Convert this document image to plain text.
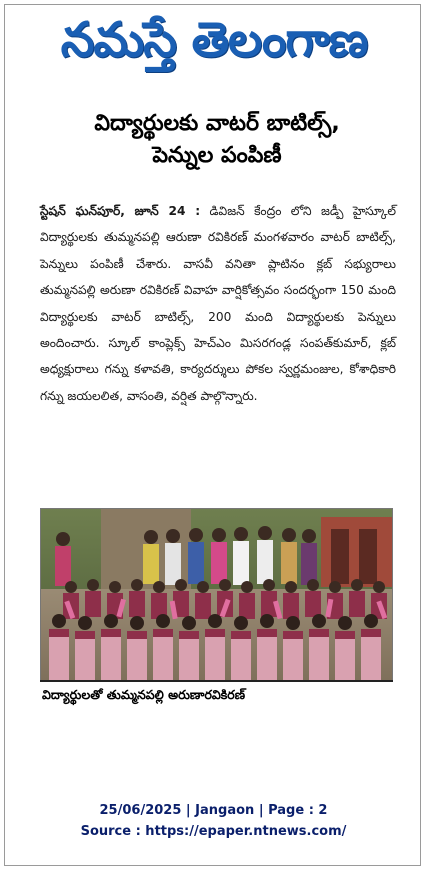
నమస్తే తెలంగాణ
విద్యార్థులకు వాటర్ బాటిల్స్,
పెన్నుల పంపిణీ
స్టేషన్ ఘన్‌పూర్, జూన్ 24 : డివిజన్ కేంద్రం లోని జడ్పీ హైస్కూల్ విద్యార్థులకు తుమ్మనపల్లి ఆరుణా రవికిరణ్ మంగళవారం వాటర్ బాటిల్స్, పెన్నులు పంపిణీ చేశారు. వాసవీ వనితా ప్లాటినం క్లబ్ సభ్యురాలు తుమ్మనపల్లి అరుణా రవికిరణ్ వివాహ వార్షికోత్సవం సందర్భంగా 150 మంది విద్యార్థులకు వాటర్ బాటిల్స్, 200 మంది విద్యార్థులకు పెన్నులు అందించారు. స్కూల్ కాంప్లెక్స్ హెచ్ఎం మిసరగండ్ల సంపత్‌కుమార్, క్లబ్ అధ్యక్షురాలు గన్ను కళావతి, కార్యదర్శులు పోకల స్వర్ణమంజుల, కోశాధికారి గన్ను జయలలిత, వాసంతి, వర్షిత పాల్గొన్నారు.
విద్యార్థులతో తుమ్మనపల్లి అరుణారవికిరణ్
25/06/2025 | Jangaon | Page : 2
Source : https://epaper.ntnews.com/
